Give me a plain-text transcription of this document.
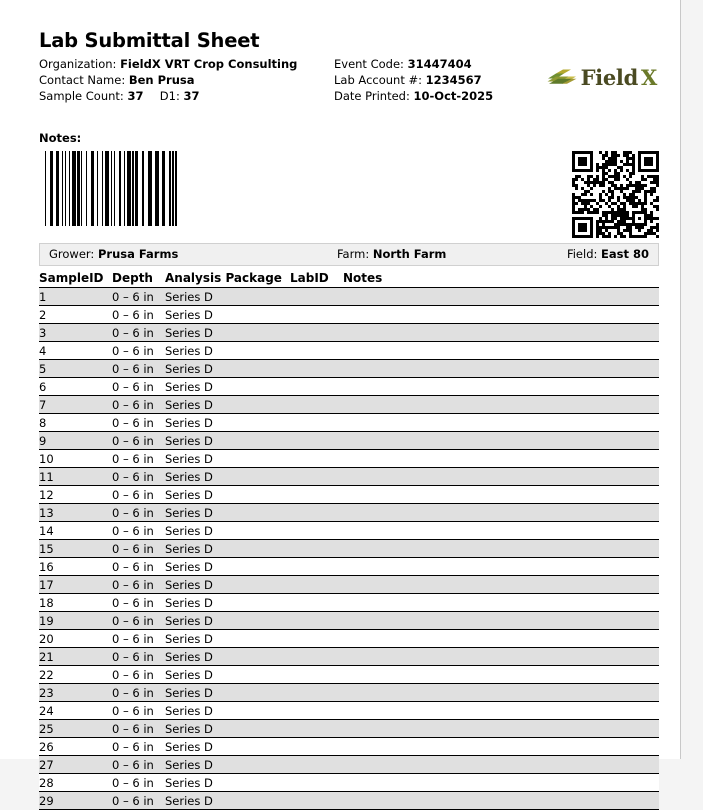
Lab Submittal Sheet
Organization: FieldX VRT Crop Consulting
Contact Name: Ben Prusa
Sample Count: 37 D1: 37
Event Code: 31447404
Lab Account #: 1234567
Date Printed: 10-Oct-2025
Field X
Notes:
Grower: Prusa Farms	Farm: North Farm	Field: East 80
SampleID	Depth	Analysis Package	LabID	Notes
1	0 – 6 in	Series D		
2	0 – 6 in	Series D		
3	0 – 6 in	Series D		
4	0 – 6 in	Series D		
5	0 – 6 in	Series D		
6	0 – 6 in	Series D		
7	0 – 6 in	Series D		
8	0 – 6 in	Series D		
9	0 – 6 in	Series D		
10	0 – 6 in	Series D		
11	0 – 6 in	Series D		
12	0 – 6 in	Series D		
13	0 – 6 in	Series D		
14	0 – 6 in	Series D		
15	0 – 6 in	Series D		
16	0 – 6 in	Series D		
17	0 – 6 in	Series D		
18	0 – 6 in	Series D		
19	0 – 6 in	Series D		
20	0 – 6 in	Series D		
21	0 – 6 in	Series D		
22	0 – 6 in	Series D		
23	0 – 6 in	Series D		
24	0 – 6 in	Series D		
25	0 – 6 in	Series D		
26	0 – 6 in	Series D		
27	0 – 6 in	Series D		
28	0 – 6 in	Series D		
29	0 – 6 in	Series D		
